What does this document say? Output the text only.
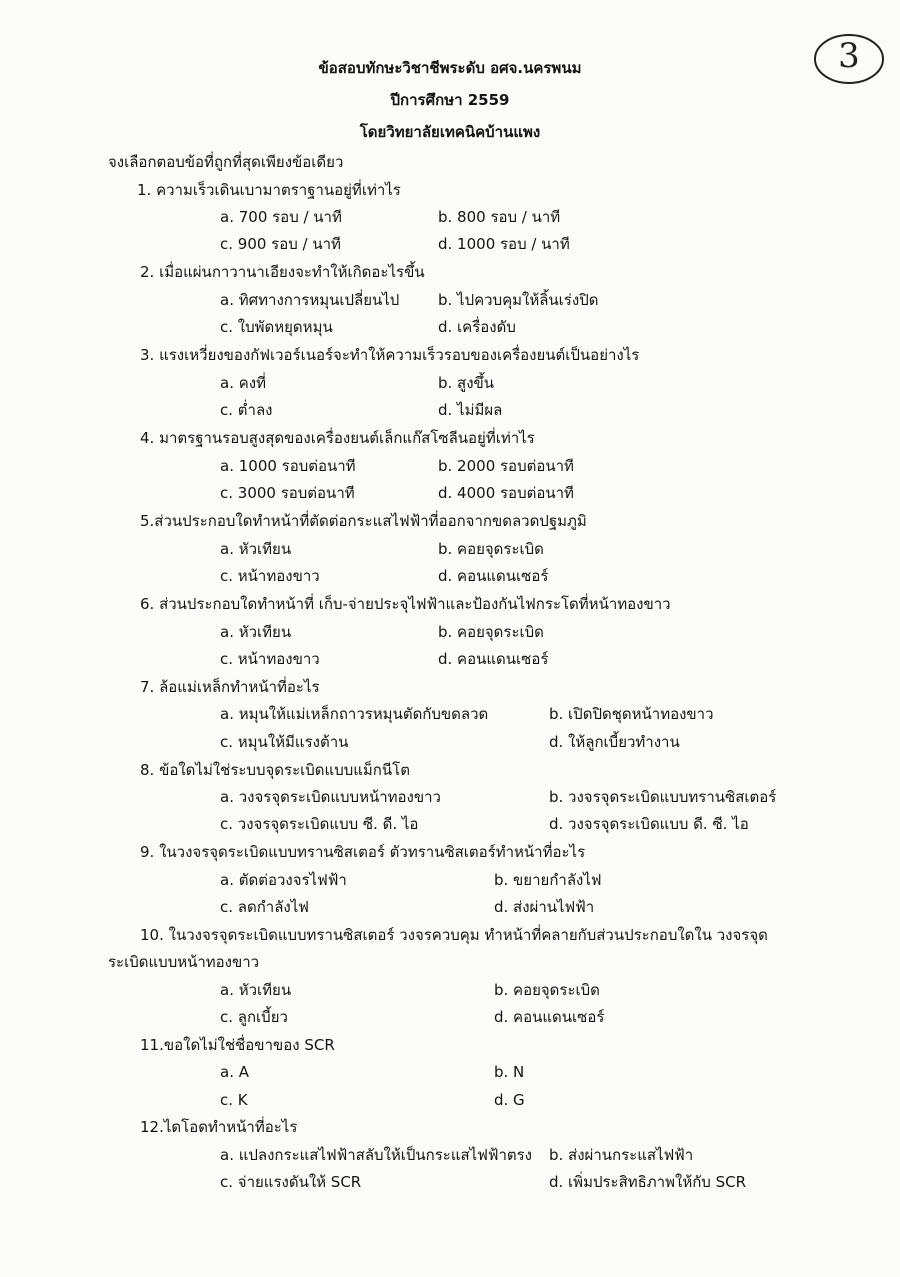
3
ข้อสอบทักษะวิชาชีพระดับ อศจ.นครพนม
ปีการศึกษา 2559
โดยวิทยาลัยเทคนิคบ้านแพง
จงเลือกตอบข้อที่ถูกที่สุดเพียงข้อเดียว
1. ความเร็วเดินเบามาตราฐานอยู่ที่เท่าไร
a. 700 รอบ / นาที	b. 800 รอบ / นาที
c. 900 รอบ / นาที	d. 1000 รอบ / นาที
2. เมื่อแผ่นกาวานาเอียงจะทำให้เกิดอะไรขึ้น
a. ทิศทางการหมุนเปลี่ยนไป	b. ไปควบคุมให้ลิ้นเร่งปิด
c. ใบพัดหยุดหมุน	d. เครื่องดับ
3. แรงเหวี่ยงของกัฟเวอร์เนอร์จะทำให้ความเร็วรอบของเครื่องยนต์เป็นอย่างไร
a. คงที่	b. สูงขึ้น
c. ต่ำลง	d. ไม่มีผล
4. มาตรฐานรอบสูงสุดของเครื่องยนต์เล็กแก๊สโซลีนอยู่ที่เท่าไร
a. 1000 รอบต่อนาที	b. 2000 รอบต่อนาที
c. 3000 รอบต่อนาที	d. 4000 รอบต่อนาที
5.ส่วนประกอบใดทำหน้าที่ตัดต่อกระแสไฟฟ้าที่ออกจากขดลวดปฐมภูมิ
a. หัวเทียน	b. คอยจุดระเบิด
c. หน้าทองขาว	d. คอนแดนเซอร์
6. ส่วนประกอบใดทำหน้าที่ เก็บ-จ่ายประจุไฟฟ้าและป้องกันไฟกระโดที่หน้าทองขาว
a. หัวเทียน	b. คอยจุดระเบิด
c. หน้าทองขาว	d. คอนแดนเซอร์
7. ล้อแม่เหล็กทำหน้าที่อะไร
a. หมุนให้แม่เหล็กถาวรหมุนตัดกับขดลวด	b. เปิดปิดชุดหน้าทองขาว
c. หมุนให้มีแรงต้าน	d. ให้ลูกเบี้ยวทำงาน
8. ข้อใดไม่ใช่ระบบจุดระเบิดแบบแม็กนีโต
a. วงจรจุดระเบิดแบบหน้าทองขาว	b. วงจรจุดระเบิดแบบทรานซิสเตอร์
c. วงจรจุดระเบิดแบบ ซี. ดี. ไอ	d. วงจรจุดระเบิดแบบ ดี. ซี. ไอ
9. ในวงจรจุดระเบิดแบบทรานซิสเตอร์ ตัวทรานซิสเตอร์ทำหน้าที่อะไร
a. ตัดต่อวงจรไฟฟ้า	b. ขยายกำลังไฟ
c. ลดกำลังไฟ	d. ส่งผ่านไฟฟ้า
10. ในวงจรจุดระเบิดแบบทรานซิสเตอร์ วงจรควบคุม ทำหน้าที่คลายกับส่วนประกอบใดใน วงจรจุด
ระเบิดแบบหน้าทองขาว
a. หัวเทียน	b. คอยจุดระเบิด
c. ลูกเบี้ยว	d. คอนแดนเซอร์
11.ขอใดไม่ใช่ชื่อขาของ SCR
a. A	b. N
c. K	d. G
12.ไดโอดทำหน้าที่อะไร
a. แปลงกระแสไฟฟ้าสลับให้เป็นกระแสไฟฟ้าตรง b. ส่งผ่านกระแสไฟฟ้า
c. จ่ายแรงดันให้ SCR	d. เพิ่มประสิทธิภาพให้กับ SCR
